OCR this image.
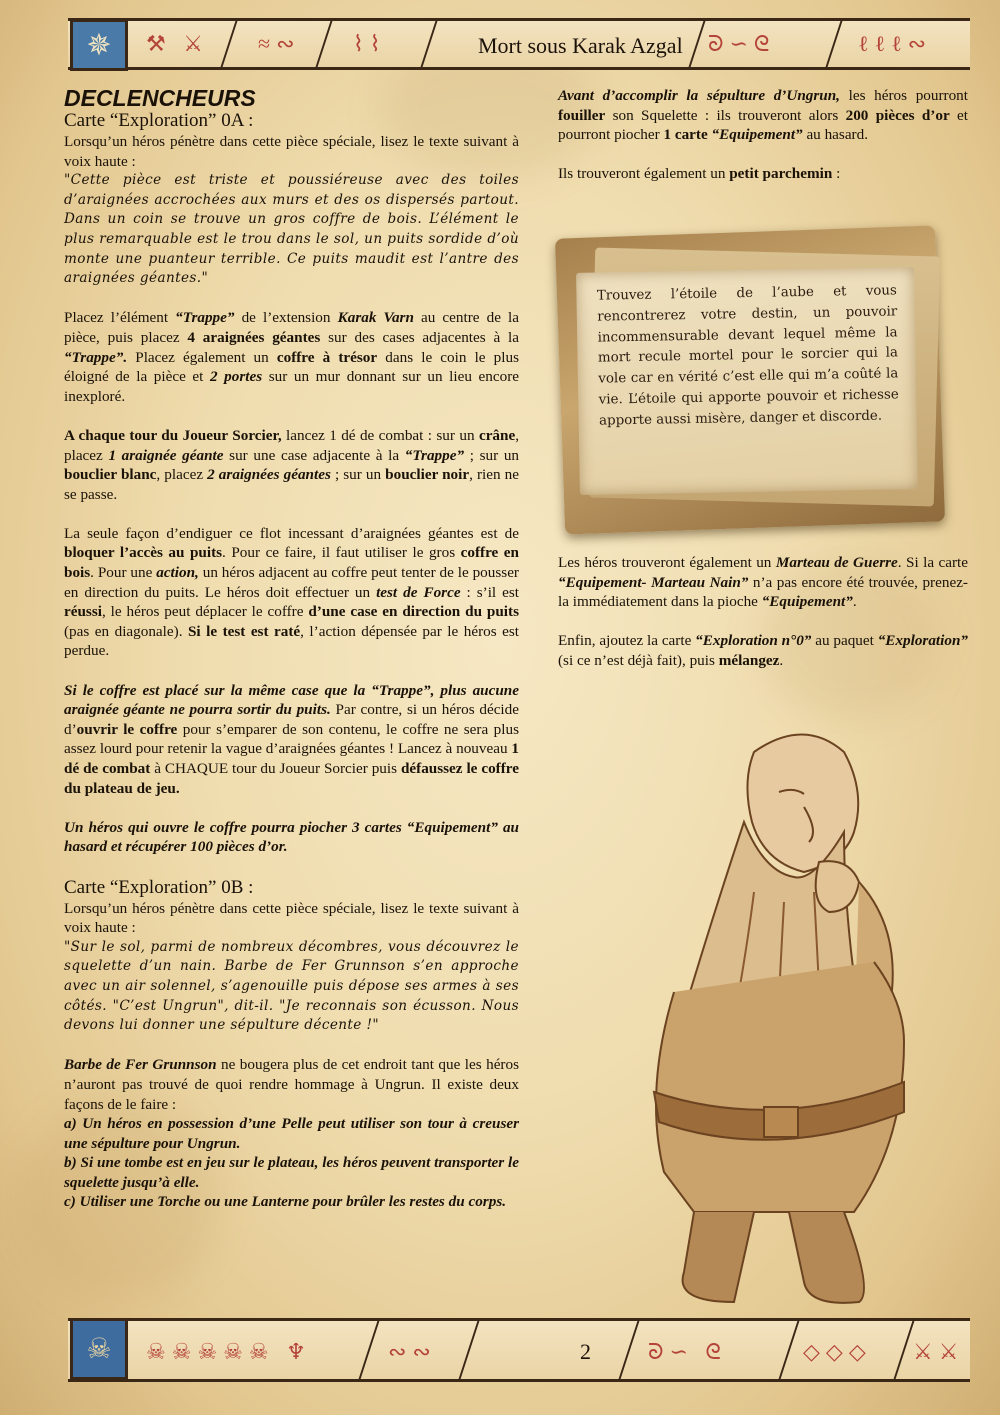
✵	⚒ ⚔ ≈∾ ⌇⌇	Mort sous Karak Azgal ᘐ∽ᘓ	ℓℓℓ∾
DECLENCHEURS
Carte “Exploration” 0A :
Lorsqu’un héros pénètre dans cette pièce spéciale, lisez le texte suivant à voix haute :

"Cette pièce est triste et poussiéreuse avec des toiles d’araignées accrochées aux murs et des os dispersés partout. Dans un coin se trouve un gros coffre de bois. L’élément le plus remarquable est le trou dans le sol, un puits sordide d’où monte une puanteur terrible. Ce puits maudit est l’antre des araignées géantes."

Placez l’élément “Trappe” de l’extension Karak Varn au centre de la pièce, puis placez 4 araignées géantes sur des cases adjacentes à la “Trappe”. Placez également un coffre à trésor dans le coin le plus éloigné de la pièce et 2 portes sur un mur donnant sur un lieu encore inexploré.

A chaque tour du Joueur Sorcier, lancez 1 dé de combat : sur un crâne, placez 1 araignée géante sur une case adjacente à la “Trappe” ; sur un bouclier blanc, placez 2 araignées géantes ; sur un bouclier noir, rien ne se passe.

La seule façon d’endiguer ce flot incessant d’araignées géantes est de bloquer l’accès au puits. Pour ce faire, il faut utiliser le gros coffre en bois. Pour une action, un héros adjacent au coffre peut tenter de le pousser en direction du puits. Le héros doit effectuer un test de Force : s’il est réussi, le héros peut déplacer le coffre d’une case en direction du puits (pas en diagonale). Si le test est raté, l’action dépensée par le héros est perdue.

Si le coffre est placé sur la même case que la “Trappe”, plus aucune araignée géante ne pourra sortir du puits. Par contre, si un héros décide d’ouvrir le coffre pour s’emparer de son contenu, le coffre ne sera plus assez lourd pour retenir la vague d’araignées géantes ! Lancez à nouveau 1 dé de combat à CHAQUE tour du Joueur Sorcier puis défaussez le coffre du plateau de jeu.

Un héros qui ouvre le coffre pourra piocher 3 cartes “Equipement” au hasard et récupérer 100 pièces d’or.

Carte “Exploration” 0B :
Lorsqu’un héros pénètre dans cette pièce spéciale, lisez le texte suivant à voix haute :

"Sur le sol, parmi de nombreux décombres, vous découvrez le squelette d’un nain. Barbe de Fer Grunnson s’en approche avec un air solennel, s’agenouille puis dépose ses armes à ses côtés. "C’est Ungrun", dit-il. "Je reconnais son écusson. Nous devons lui donner une sépulture décente !"

Barbe de Fer Grunnson ne bougera plus de cet endroit tant que les héros n’auront pas trouvé de quoi rendre hommage à Ungrun. Il existe deux façons de le faire :
a) Un héros en possession d’une Pelle peut utiliser son tour à creuser une sépulture pour Ungrun.
b) Si une tombe est en jeu sur le plateau, les héros peuvent transporter le squelette jusqu’à elle.
c) Utiliser une Torche ou une Lanterne pour brûler les restes du corps.

Avant d’accomplir la sépulture d’Ungrun, les héros pourront fouiller son Squelette : ils trouveront alors 200 pièces d’or et pourront piocher 1 carte “Equipement” au hasard.

Ils trouveront également un petit parchemin :

Trouvez l’étoile de l’aube et vous rencontrerez votre destin, un pouvoir incommensurable devant lequel même la mort recule mortel pour le sorcier qui la vole car en vérité c’est elle qui m’a coûté la vie. L’étoile qui apporte pouvoir et richesse apporte aussi misère, danger et discorde.

Les héros trouveront également un Marteau de Guerre. Si la carte “Equipement- Marteau Nain” n’a pas encore été trouvée, prenez-la immédiatement dans la pioche “Equipement”.

Enfin, ajoutez la carte “Exploration n°0” au paquet “Exploration” (si ce n’est déjà fait), puis mélangez.

☠	☠☠☠☠☠ ♆	∾∾	2	ᘐ∽ ᘓ	◇◇◇ ⚔⚔
